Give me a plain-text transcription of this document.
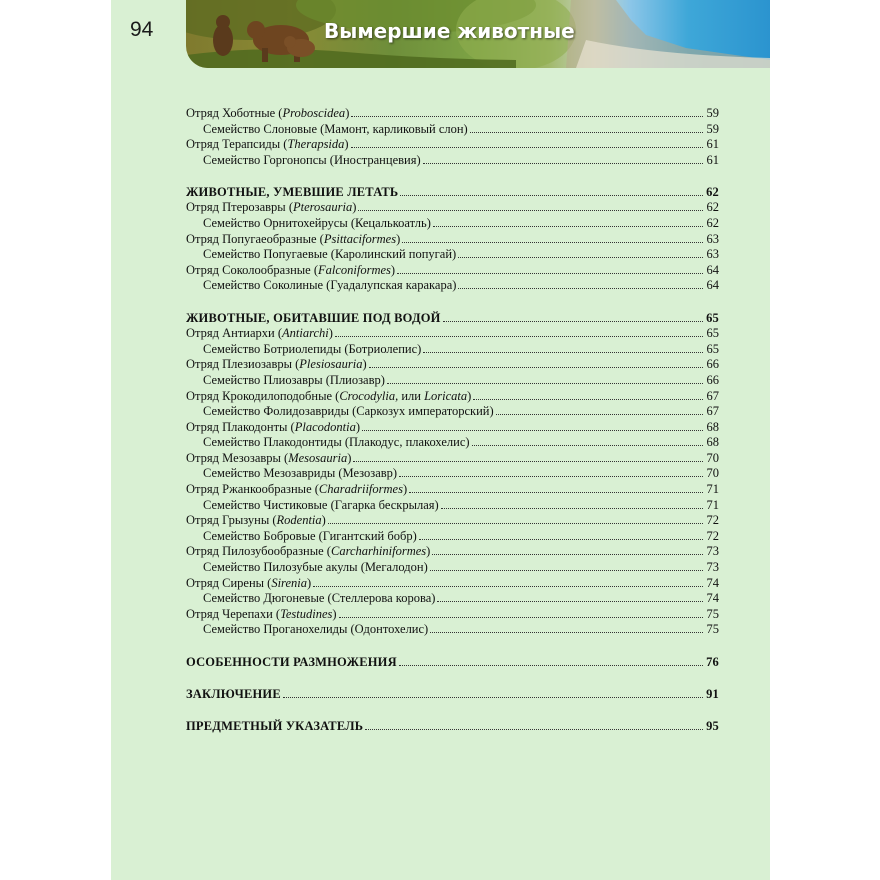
94	Вымершие животные
Отряд Хоботные (Proboscidea)	59
Семейство Слоновые (Мамонт, карликовый слон)	59
Отряд Терапсиды (Therapsida)	61
Семейство Горгонопсы (Иностранцевия)	61
ЖИВОТНЫЕ, УМЕВШИЕ ЛЕТАТЬ	62
Отряд Птерозавры (Pterosauria)	62
Семейство Орнитохейрусы (Кецалькоатль)	62
Отряд Попугаеобразные (Psittaciformes)	63
Семейство Попугаевые (Каролинский попугай)	63
Отряд Соколообразные (Falconiformes)	64
Семейство Соколиные (Гуадалупская каракара)	64
ЖИВОТНЫЕ, ОБИТАВШИЕ ПОД ВОДОЙ	65
Отряд Антиархи (Antiarchi)	65
Семейство Ботриолепиды (Ботриолепис)	65
Отряд Плезиозавры (Plesiosauria)	66
Семейство Плиозавры (Плиозавр)	66
Отряд Крокодилоподобные (Crocodylia, или Loricata)	67
Семейство Фолидозавриды (Саркозух императорский)	67
Отряд Плакодонты (Placodontia)	68
Семейство Плакодонтиды (Плакодус, плакохелис)	68
Отряд Мезозавры (Mesosauria)	70
Семейство Мезозавриды (Мезозавр)	70
Отряд Ржанкообразные (Charadriiformes)	71
Семейство Чистиковые (Гагарка бескрылая)	71
Отряд Грызуны (Rodentia)	72
Семейство Бобровые (Гигантский бобр)	72
Отряд Пилозубообразные (Carcharhiniformes)	73
Семейство Пилозубые акулы (Мегалодон)	73
Отряд Сирены (Sirenia)	74
Семейство Дюгоневые (Стеллерова корова)	74
Отряд Черепахи (Testudines)	75
Семейство Проганохелиды (Одонтохелис)	75
ОСОБЕННОСТИ РАЗМНОЖЕНИЯ	76
ЗАКЛЮЧЕНИЕ	91
ПРЕДМЕТНЫЙ УКАЗАТЕЛЬ	95
